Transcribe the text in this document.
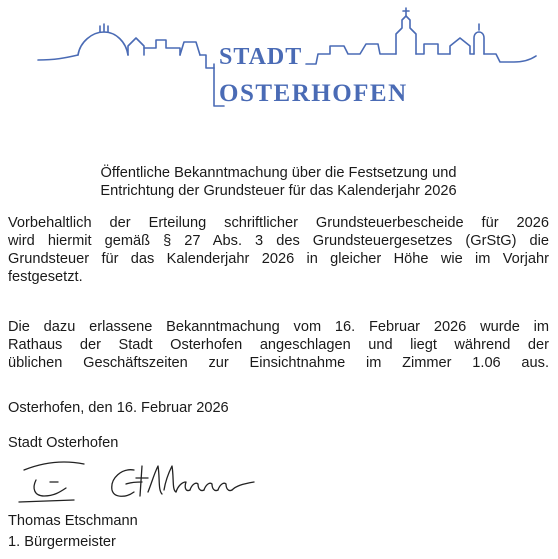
STADT
OSTERHOFEN

Öffentliche Bekanntmachung über die Festsetzung und
Entrichtung der Grundsteuer für das Kalenderjahr 2026

Vorbehaltlich der Erteilung schriftlicher Grundsteuerbescheide für 2026
wird hiermit gemäß § 27 Abs. 3 des Grundsteuergesetzes (GrStG) die
Grundsteuer für das Kalenderjahr 2026 in gleicher Höhe wie im Vorjahr
festgesetzt.

Die dazu erlassene Bekanntmachung vom 16. Februar 2026 wurde im
Rathaus der Stadt Osterhofen angeschlagen und liegt während der
üblichen Geschäftszeiten zur Einsichtnahme im Zimmer 1.06 aus.

Osterhofen, den 16. Februar 2026
Stadt Osterhofen
Thomas Etschmann
1. Bürgermeister
